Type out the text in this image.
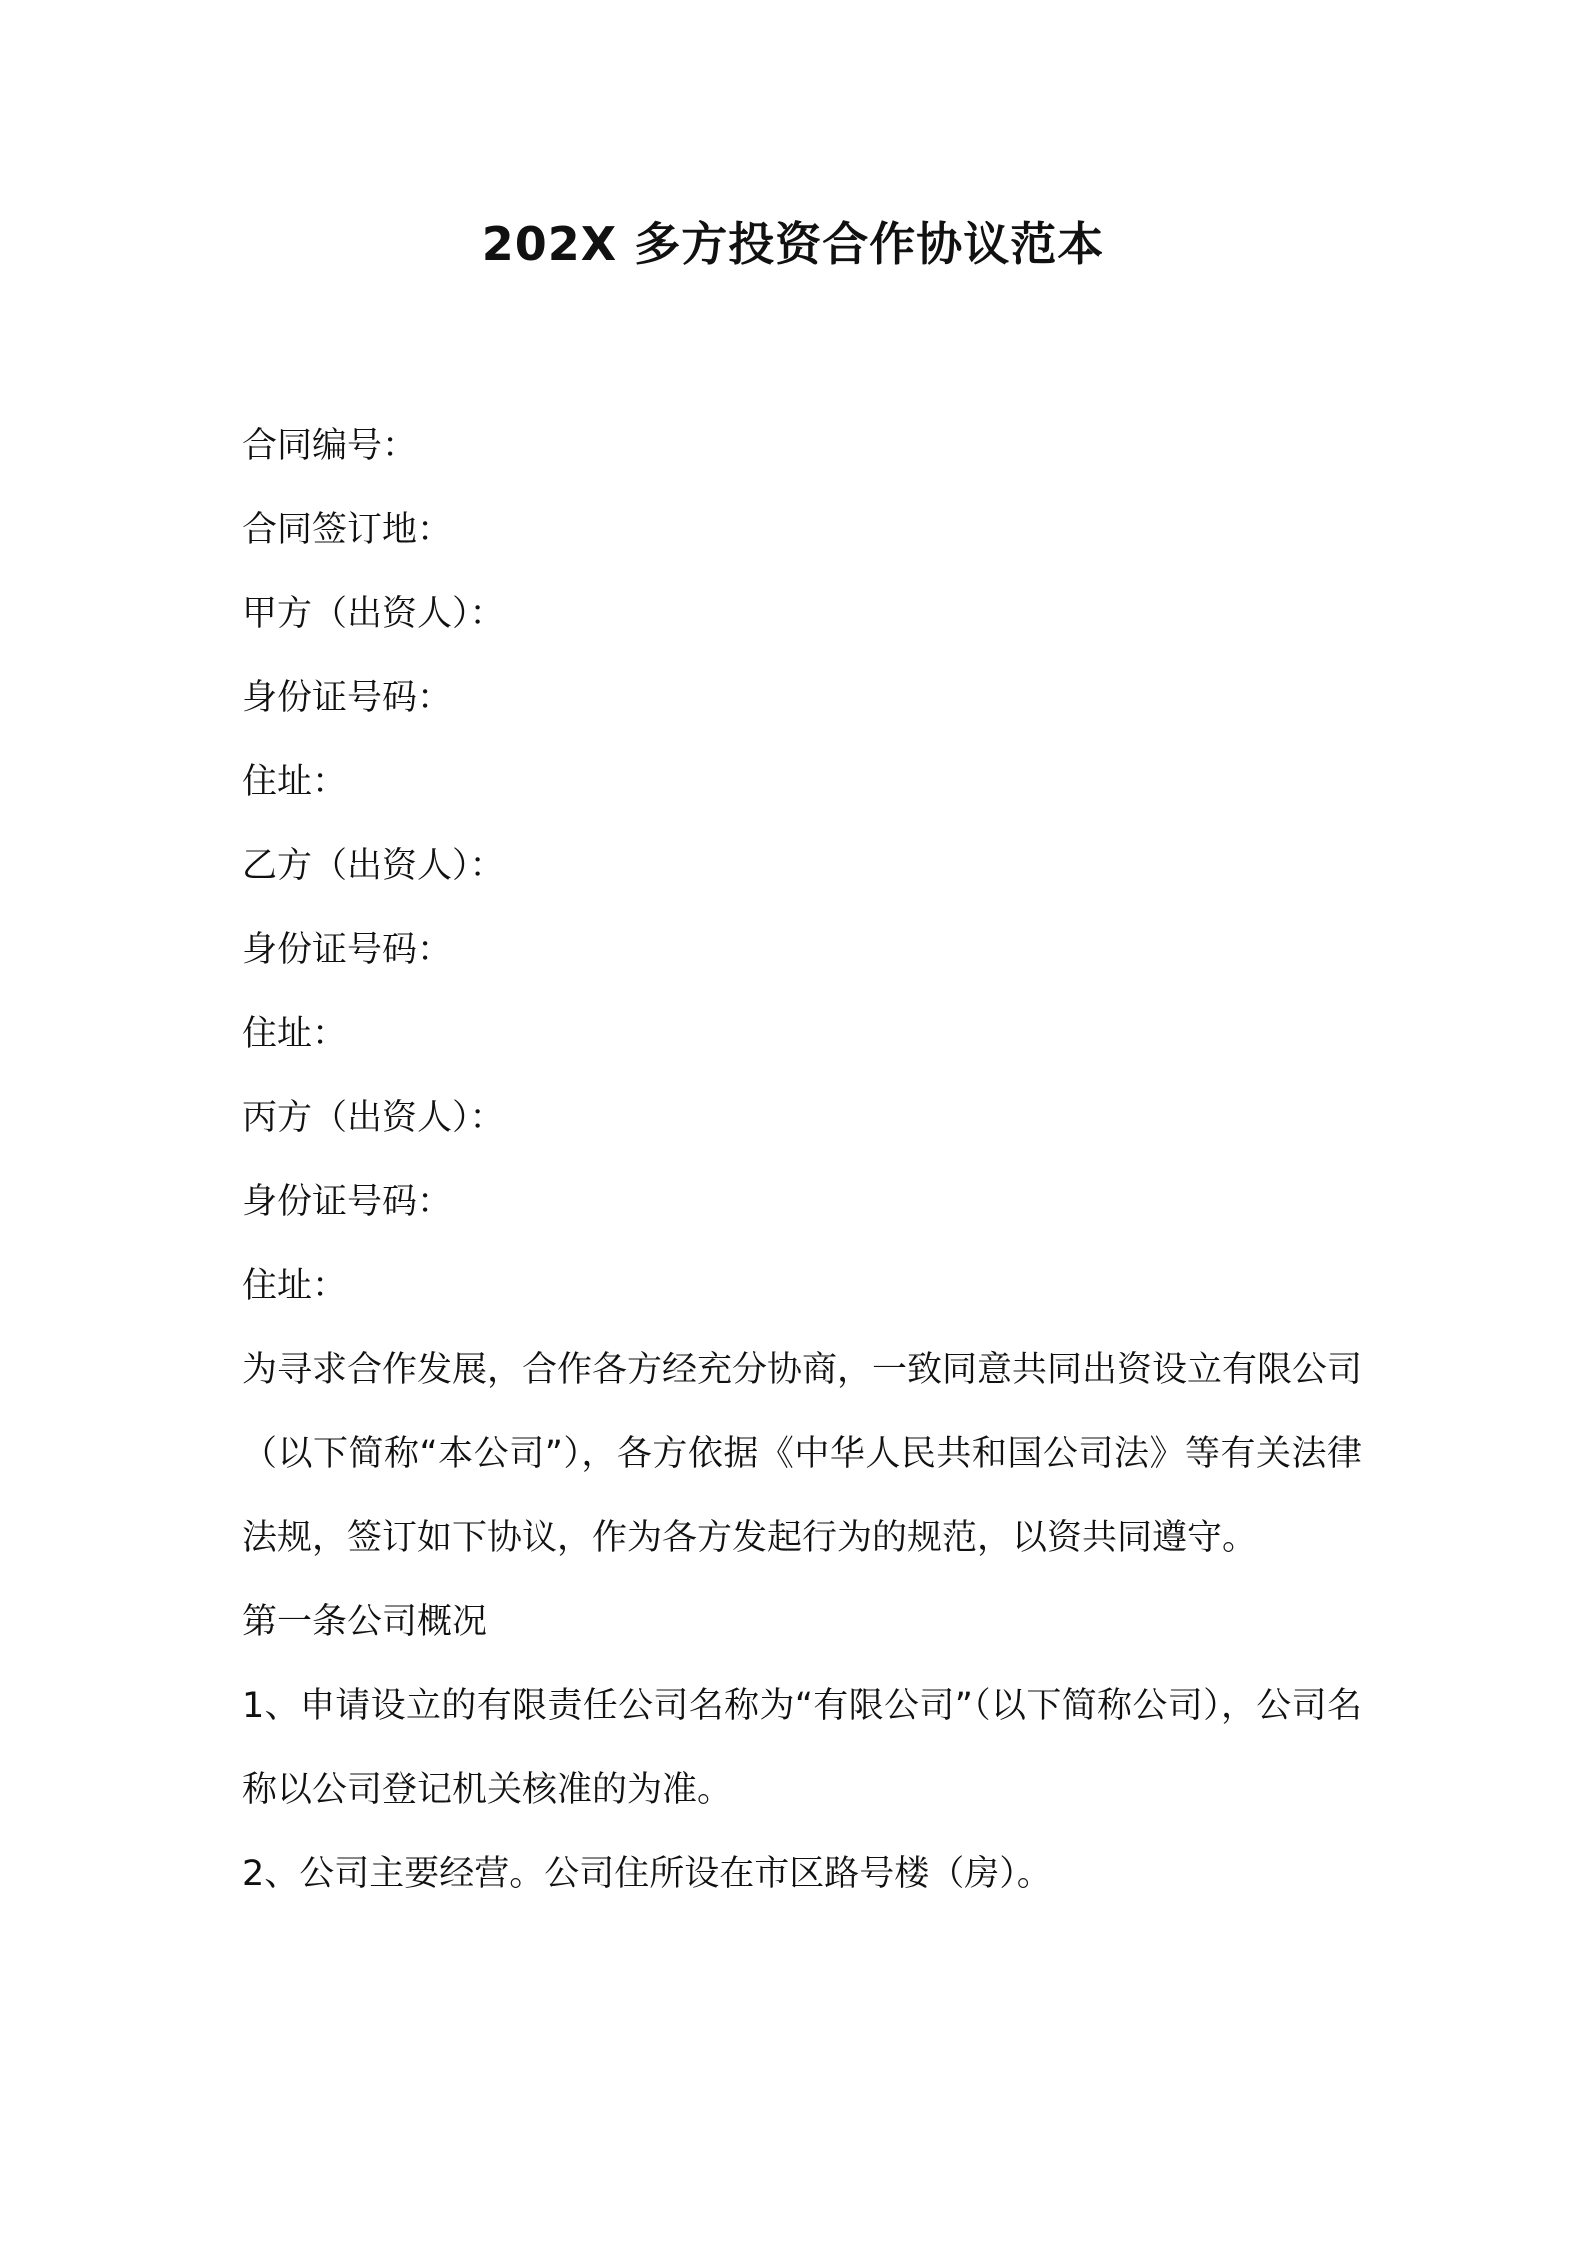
202X 多方投资合作协议范本
合同编号：
合同签订地：
甲方（出资人）：
身份证号码：
住址：
乙方（出资人）：
身份证号码：
住址：
丙方（出资人）：
身份证号码：
住址：
为寻求合作发展，合作各方经充分协商，一致同意共同出资设立有限公司（以下简称“本公司”），各方依据《中华人民共和国公司法》等有关法律法规，签订如下协议，作为各方发起行为的规范，以资共同遵守。
第一条公司概况
1、申请设立的有限责任公司名称为“有限公司”（以下简称公司），公司名称以公司登记机关核准的为准。
2、公司主要经营。公司住所设在市区路号楼（房）。
